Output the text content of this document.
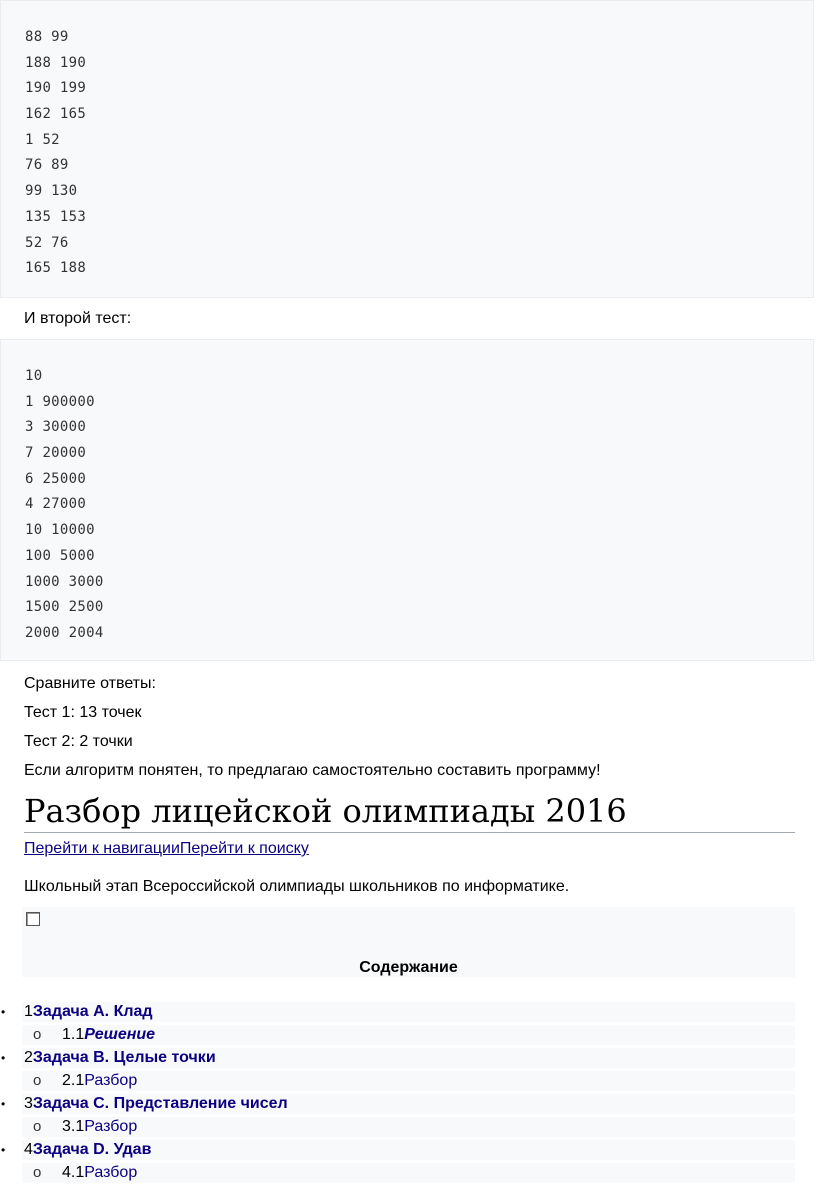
88 99
188 190
190 199
162 165
1 52
76 89
99 130
135 153
52 76
165 188
И второй тест:
10
1 900000
3 30000
7 20000
6 25000
4 27000
10 10000
100 5000
1000 3000
1500 2500
2000 2004
Сравните ответы:
Тест 1: 13 точек
Тест 2: 2 точки
Если алгоритм понятен, то предлагаю самостоятельно составить программу!
Разбор лицейской олимпиады 2016
Перейти к навигацииПерейти к поиску
Школьный этап Всероссийской олимпиады школьников по информатике.
Содержание
• 1Задача А. Клад
o 1.1Решение
• 2Задача B. Целые точки
o 2.1Разбор
• 3Задача C. Представление чисел
o 3.1Разбор
• 4Задача D. Удав
o 4.1Разбор
